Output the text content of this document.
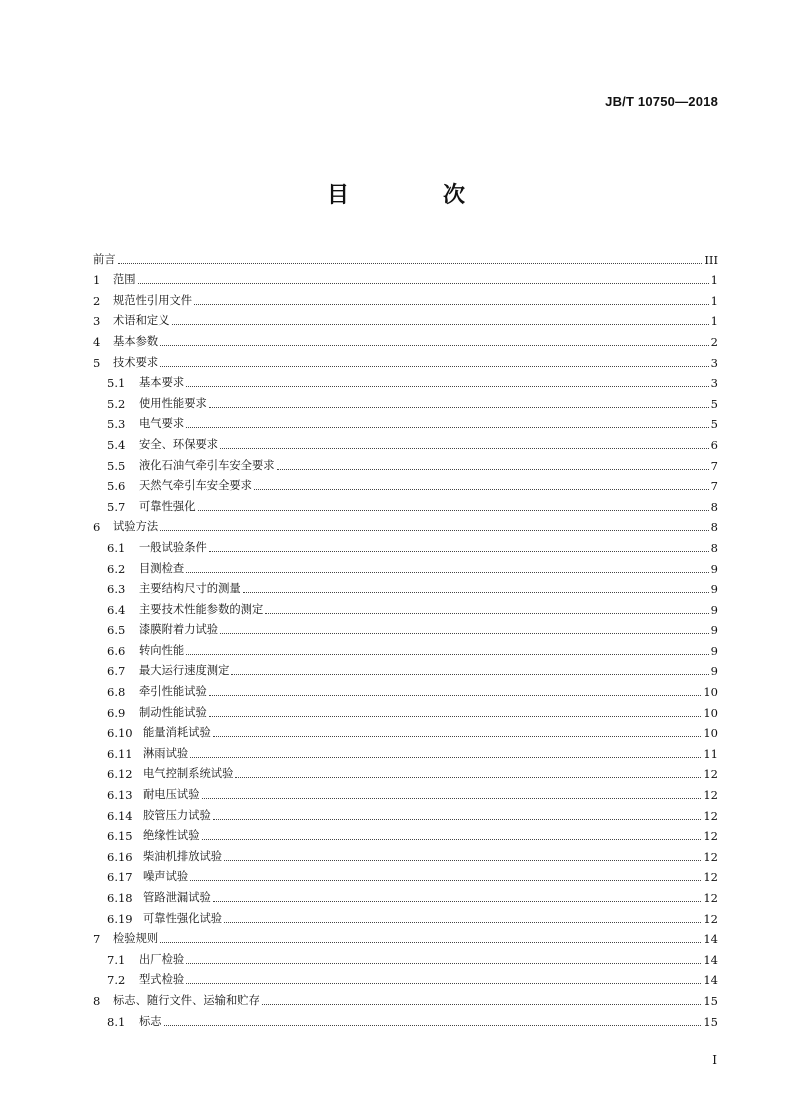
JB/T 10750—2018
目　次
前言	III
1	范围	1
2	规范性引用文件	1
3	术语和定义	1
4	基本参数	2
5	技术要求	3
5.1	基本要求	3
5.2	使用性能要求	5
5.3	电气要求	5
5.4	安全、环保要求	6
5.5	液化石油气牵引车安全要求	7
5.6	天然气牵引车安全要求	7
5.7	可靠性强化	8
6	试验方法	8
6.1	一般试验条件	8
6.2	目测检查	9
6.3	主要结构尺寸的测量	9
6.4	主要技术性能参数的测定	9
6.5	漆膜附着力试验	9
6.6	转向性能	9
6.7	最大运行速度测定	9
6.8	牵引性能试验	10
6.9	制动性能试验	10
6.10 能量消耗试验	10
6.11 淋雨试验	11
6.12 电气控制系统试验	12
6.13 耐电压试验	12
6.14 胶管压力试验	12
6.15 绝缘性试验	12
6.16 柴油机排放试验	12
6.17 噪声试验	12
6.18 管路泄漏试验	12
6.19 可靠性强化试验	12
7	检验规则	14
7.1	出厂检验	14
7.2	型式检验	14
8	标志、随行文件、运输和贮存	15
8.1	标志	15
I
